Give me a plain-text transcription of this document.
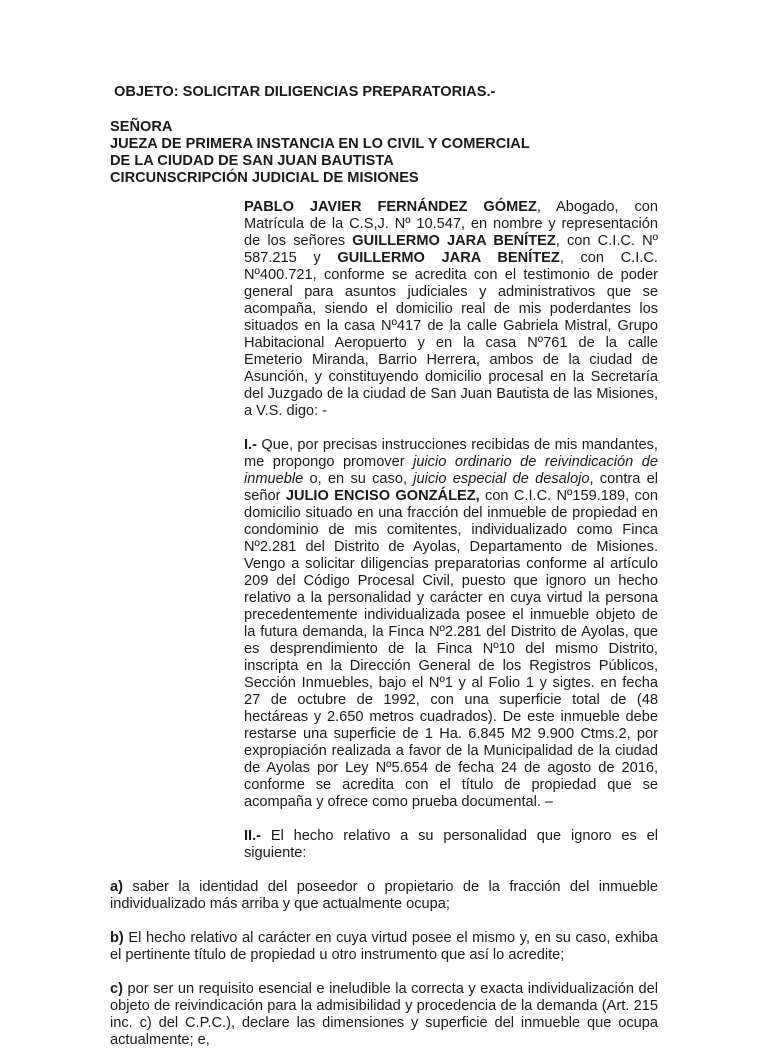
OBJETO: SOLICITAR DILIGENCIAS PREPARATORIAS.-
SEÑORA
JUEZA DE PRIMERA INSTANCIA EN LO CIVIL Y COMERCIAL
DE LA CIUDAD DE SAN JUAN BAUTISTA
CIRCUNSCRIPCIÓN JUDICIAL DE MISIONES

PABLO JAVIER FERNÁNDEZ GÓMEZ, Abogado, con Matrícula de la C.S,J. Nº 10.547, en nombre y representación de los señores GUILLERMO JARA BENÍTEZ, con C.I.C. Nº 587.215 y GUILLERMO JARA BENÍTEZ, con C.I.C. Nº400.721, conforme se acredita con el testimonio de poder general para asuntos judiciales y administrativos que se acompaña, siendo el domicilio real de mis poderdantes los situados en la casa Nº417 de la calle Gabriela Mistral, Grupo Habitacional Aeropuerto y en la casa Nº761 de la calle Emeterio Miranda, Barrio Herrera, ambos de la ciudad de Asunción, y constituyendo domicilio procesal en la Secretaría del Juzgado de la ciudad de San Juan Bautista de las Misiones, a V.S. digo: -

I.- Que, por precisas instrucciones recibidas de mis mandantes, me propongo promover juicio ordinario de reivindicación de inmueble o, en su caso, juicio especial de desalojo, contra el señor JULIO ENCISO GONZÁLEZ, con C.I.C. Nº159.189, con domicilio situado en una fracción del inmueble de propiedad en condominio de mis comitentes, individualizado como Finca Nº2.281 del Distrito de Ayolas, Departamento de Misiones. Vengo a solicitar diligencias preparatorias conforme al artículo 209 del Código Procesal Civil, puesto que ignoro un hecho relativo a la personalidad y carácter en cuya virtud la persona precedentemente individualizada posee el inmueble objeto de la futura demanda, la Finca Nº2.281 del Distrito de Ayolas, que es desprendimiento de la Finca Nº10 del mismo Distrito, inscripta en la Dirección General de los Registros Públicos, Sección Inmuebles, bajo el Nº1 y al Folio 1 y sigtes. en fecha 27 de octubre de 1992, con una superficie total de (48 hectáreas y 2.650 metros cuadrados). De este inmueble debe restarse una superficie de 1 Ha. 6.845 M2 9.900 Ctms.2, por expropiación realizada a favor de la Municipalidad de la ciudad de Ayolas por Ley Nº5.654 de fecha 24 de agosto de 2016, conforme se acredita con el título de propiedad que se acompaña y ofrece como prueba documental. –

II.- El hecho relativo a su personalidad que ignoro es el siguiente:

a) saber la identidad del poseedor o propietario de la fracción del inmueble individualizado más arriba y que actualmente ocupa;

b) El hecho relativo al carácter en cuya virtud posee el mismo y, en su caso, exhiba el pertinente título de propiedad u otro instrumento que así lo acredite;

c) por ser un requisito esencial e ineludible la correcta y exacta individualización del objeto de reivindicación para la admisibilidad y procedencia de la demanda (Art. 215 inc. c) del C.P.C.), declare las dimensiones y superficie del inmueble que ocupa actualmente; e,
